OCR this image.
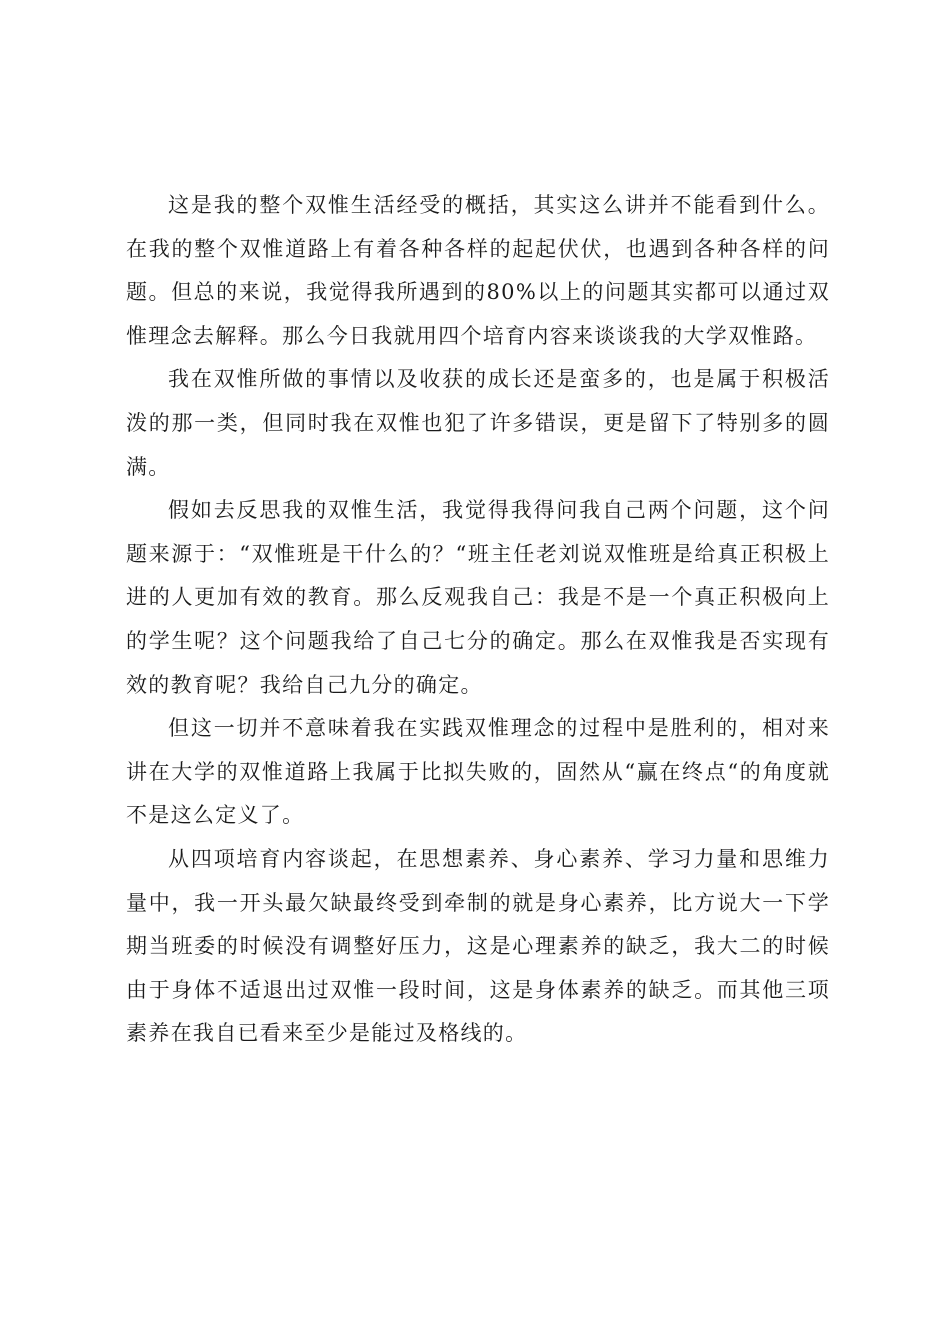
这是我的整个双惟生活经受的概括，其实这么讲并不能看到什么。在我的整个双惟道路上有着各种各样的起起伏伏，也遇到各种各样的问题。但总的来说，我觉得我所遇到的80%以上的问题其实都可以通过双惟理念去解释。那么今日我就用四个培育内容来谈谈我的大学双惟路。

我在双惟所做的事情以及收获的成长还是蛮多的，也是属于积极活泼的那一类，但同时我在双惟也犯了许多错误，更是留下了特别多的圆满。

假如去反思我的双惟生活，我觉得我得问我自己两个问题，这个问题来源于：“双惟班是干什么的？“班主任老刘说双惟班是给真正积极上进的人更加有效的教育。那么反观我自己：我是不是一个真正积极向上的学生呢？这个问题我给了自己七分的确定。那么在双惟我是否实现有效的教育呢？我给自己九分的确定。

但这一切并不意味着我在实践双惟理念的过程中是胜利的，相对来讲在大学的双惟道路上我属于比拟失败的，固然从“赢在终点“的角度就不是这么定义了。

从四项培育内容谈起，在思想素养、身心素养、学习力量和思维力量中，我一开头最欠缺最终受到牵制的就是身心素养，比方说大一下学期当班委的时候没有调整好压力，这是心理素养的缺乏，我大二的时候由于身体不适退出过双惟一段时间，这是身体素养的缺乏。而其他三项素养在我自已看来至少是能过及格线的。
